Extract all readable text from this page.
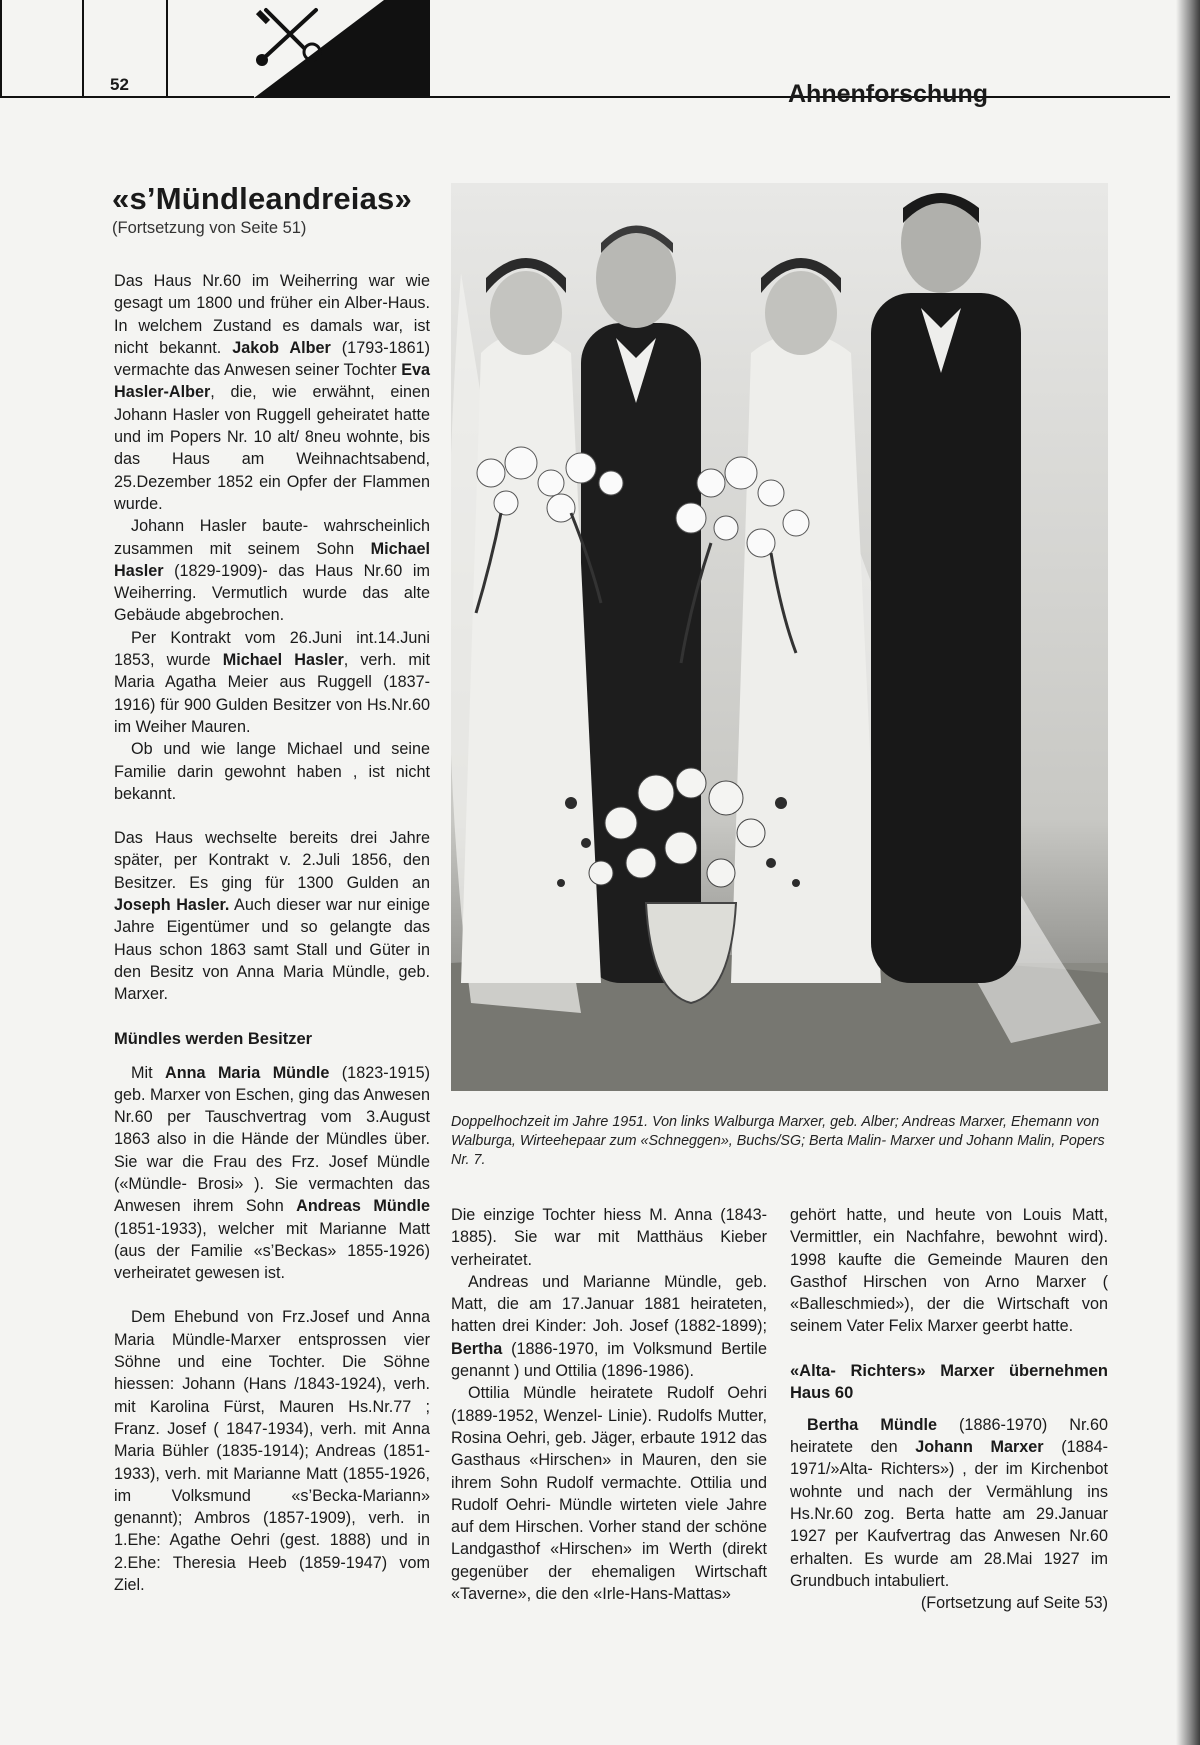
52	Ahnenforschung
«s’Mündleandreias»
(Fortsetzung von Seite 51)

Das Haus Nr.60 im Weiherring war wie gesagt um 1800 und früher ein Alber-Haus. In welchem Zustand es damals war, ist nicht bekannt. Jakob Alber (1793-1861) vermachte das Anwesen seiner Tochter Eva Hasler-Alber, die, wie erwähnt, einen Johann Hasler von Ruggell geheiratet hatte und im Popers Nr. 10 alt/ 8neu wohnte, bis das Haus am Weihnachtsabend, 25.Dezember 1852 ein Opfer der Flammen wurde.

Johann Hasler baute- wahrscheinlich zusammen mit seinem Sohn Michael Hasler (1829-1909)- das Haus Nr.60 im Weiherring. Vermutlich wurde das alte Gebäude abgebrochen.

Per Kontrakt vom 26.Juni int.14.Juni 1853, wurde Michael Hasler, verh. mit Maria Agatha Meier aus Ruggell (1837-1916) für 900 Gulden Besitzer von Hs.Nr.60 im Weiher Mauren.

Ob und wie lange Michael und seine Familie darin gewohnt haben , ist nicht bekannt.

Das Haus wechselte bereits drei Jahre später, per Kontrakt v. 2.Juli 1856, den Besitzer. Es ging für 1300 Gulden an Joseph Hasler. Auch dieser war nur einige Jahre Eigentümer und so gelangte das Haus schon 1863 samt Stall und Güter in den Besitz von Anna Maria Mündle, geb. Marxer.

Mündles werden Besitzer

Mit Anna Maria Mündle (1823-1915) geb. Marxer von Eschen, ging das Anwesen Nr.60 per Tauschvertrag vom 3.August 1863 also in die Hände der Mündles über. Sie war die Frau des Frz. Josef Mündle («Mündle- Brosi» ). Sie vermachten das Anwesen ihrem Sohn Andreas Mündle (1851-1933), welcher mit Marianne Matt (aus der Familie «s’Beckas» 1855-1926) verheiratet gewesen ist.

Dem Ehebund von Frz.Josef und Anna Maria Mündle-Marxer entsprossen vier Söhne und eine Tochter. Die Söhne hiessen: Johann (Hans /1843-1924), verh. mit Karolina Fürst, Mauren Hs.Nr.77 ; Franz. Josef ( 1847-1934), verh. mit Anna Maria Bühler (1835-1914); Andreas (1851-1933), verh. mit Marianne Matt (1855-1926, im Volksmund «s’Becka-Mariann» genannt); Ambros (1857-1909), verh. in 1.Ehe: Agathe Oehri (gest. 1888) und in 2.Ehe: Theresia Heeb (1859-1947) vom Ziel.

Doppelhochzeit im Jahre 1951. Von links Walburga Marxer, geb. Alber; Andreas Marxer, Ehemann von Walburga, Wirteehepaar zum «Schneggen», Buchs/SG; Berta Malin- Marxer und Johann Malin, Popers Nr. 7.

Die einzige Tochter hiess M. Anna (1843-1885). Sie war mit Matthäus Kieber verheiratet.

Andreas und Marianne Mündle, geb. Matt, die am 17.Januar 1881 heirateten, hatten drei Kinder: Joh. Josef (1882-1899); Bertha (1886-1970, im Volksmund Bertile genannt ) und Ottilia (1896-1986).

Ottilia Mündle heiratete Rudolf Oehri (1889-1952, Wenzel- Linie). Rudolfs Mutter, Rosina Oehri, geb. Jäger, erbaute 1912 das Gasthaus «Hirschen» in Mauren, den sie ihrem Sohn Rudolf vermachte. Ottilia und Rudolf Oehri- Mündle wirteten viele Jahre auf dem Hirschen. Vorher stand der schöne Landgasthof «Hirschen» im Werth (direkt gegenüber der ehemaligen Wirtschaft «Taverne», die den «Irle-Hans-Mattas»

gehört hatte, und heute von Louis Matt, Vermittler, ein Nachfahre, bewohnt wird). 1998 kaufte die Gemeinde Mauren den Gasthof Hirschen von Arno Marxer ( «Balleschmied»), der die Wirtschaft von seinem Vater Felix Marxer geerbt hatte.

«Alta- Richters» Marxer übernehmen Haus 60

Bertha Mündle (1886-1970) Nr.60 heiratete den Johann Marxer (1884-1971/»Alta- Richters») , der im Kirchenbot wohnte und nach der Vermählung ins Hs.Nr.60 zog. Berta hatte am 29.Januar 1927 per Kaufvertrag das Anwesen Nr.60 erhalten. Es wurde am 28.Mai 1927 im Grundbuch intabuliert.

(Fortsetzung auf Seite 53)
